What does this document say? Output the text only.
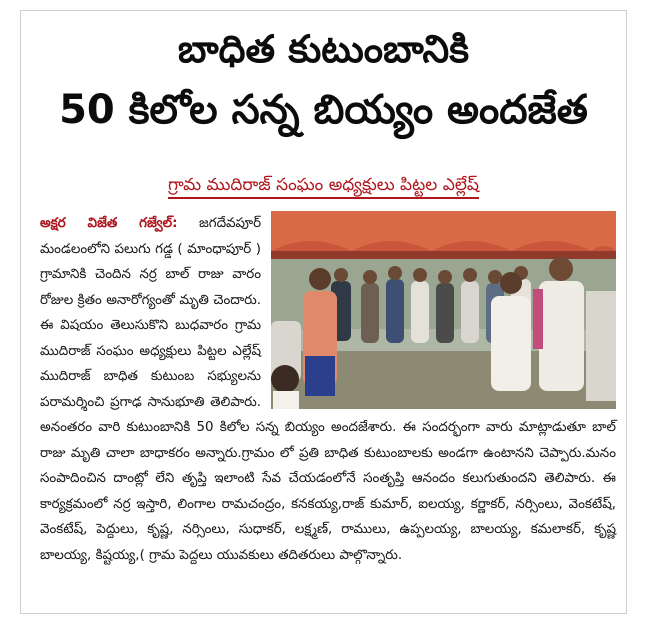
బాధిత కుటుంబానికి
50 కిలోల సన్న బియ్యం అందజేత
గ్రామ ముదిరాజ్ సంఘం అధ్యక్షులు పిట్టల ఎల్లేష్

అక్షర విజేత గజ్వేల్: జగదేవపూర్ మండలంలోని పలుగు గడ్డ ( మాంధాపూర్ ) గ్రామానికి చెందిన నర్ర బాల్ రాజు వారం రోజుల క్రితం అనారోగ్యంతో మృతి చెందారు. ఈ విషయం తెలుసుకొని బుధవారం గ్రామ ముదిరాజ్ సంఘం అధ్యక్షులు పిట్టల ఎల్లేష్ ముదిరాజ్ బాధిత కుటుంబ సభ్యులను పరామర్శించి ప్రగాఢ సానుభూతి తెలిపారు. అనంతరం వారి కుటుంబానికి 50 కిలోల సన్న బియ్యం అందజేశారు. ఈ సందర్భంగా వారు మాట్లాడుతూ బాల్ రాజు మృతి చాలా బాధాకరం అన్నారు.గ్రామం లో ప్రతి బాధిత కుటుంబాలకు అండగా ఉంటానని చెప్పారు.మనం సంపాదించిన దాంట్లో లేని తృప్తి ఇలాంటి సేవ చేయడంలోనే సంతృప్తి ఆనందం కలుగుతుందని తెలిపారు. ఈ కార్యక్రమంలో నర్ర ఇస్తారి, లింగాల రామచంద్రం, కనకయ్య,రాజ్ కుమార్, ఐలయ్య, కర్ణాకర్, నర్సింలు, వెంకటేష్, వెంకటేష్, పెద్దులు, కృష్ణ, నర్సింలు, సుధాకర్, లక్ష్మణ్, రాములు, ఉప్పలయ్య, బాలయ్య, కమలాకర్, కృష్ణ బాలయ్య, కిష్టయ్య,( గ్రామ పెద్దలు యువకులు తదితరులు పాల్గొన్నారు.
